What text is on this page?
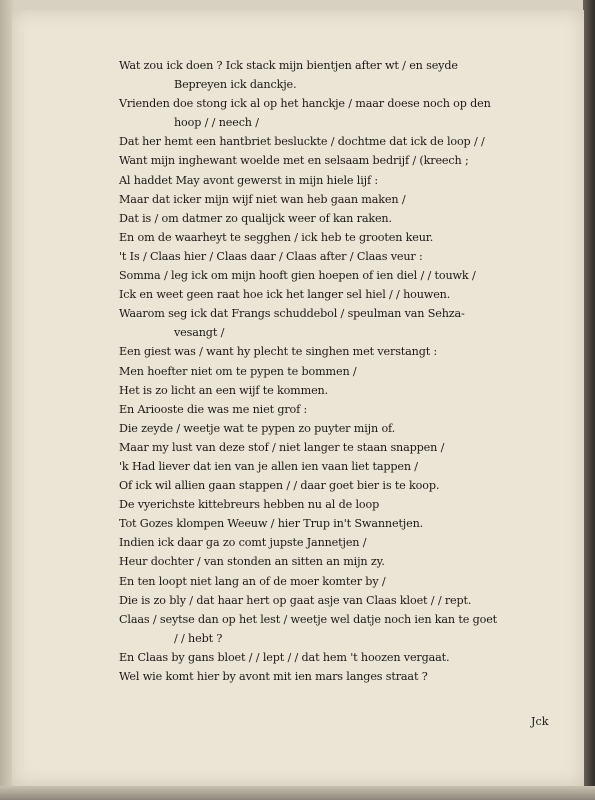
Wat zou ick doen ? Ick stack mijn bientjen after wt / en seyde
Bepreyen ick danckje.
Vrienden doe stong ick al op het hanckje / maar doese noch op den
hoop / / neech /
Dat her hemt een hantbriet besluckte / dochtme dat ick de loop / /
Want mijn inghewant woelde met en selsaam bedrijf / (kreech ;
Al haddet May avont gewerst in mijn hiele lijf :
Maar dat icker mijn wijf niet wan heb gaan maken /
Dat is / om datmer zo qualijck weer of kan raken.
En om de waarheyt te segghen / ick heb te grooten keur.
't Is / Claas hier / Claas daar / Claas after / Claas veur :
Somma / leg ick om mijn hooft gien hoepen of ien diel / / touwk /
Ick en weet geen raat hoe ick het langer sel hiel / / houwen.
Waarom seg ick dat Frangs schuddebol / speulman van Sehza-
vesangt /
Een giest was / want hy plecht te singhen met verstangt :
Men hoefter niet om te pypen te bommen /
Het is zo licht an een wijf te kommen.
En Ariooste die was me niet grof :
Die zeyde / weetje wat te pypen zo puyter mijn of.
Maar my lust van deze stof / niet langer te staan snappen /
'k Had liever dat ien van je allen ien vaan liet tappen /
Of ick wil allien gaan stappen / / daar goet bier is te koop.
De vyerichste kittebreurs hebben nu al de loop
Tot Gozes klompen Weeuw / hier Trup in't Swannetjen.
Indien ick daar ga zo comt jupste Jannetjen /
Heur dochter / van stonden an sitten an mijn zy.
En ten loopt niet lang an of de moer komter by /
Die is zo bly / dat haar hert op gaat asje van Claas kloet / / rept.
Claas / seytse dan op het lest / weetje wel datje noch ien kan te goet
/ / hebt ?
En Claas by gans bloet / / lept / / dat hem 't hoozen vergaat.
Wel wie komt hier by avont mit ien mars langes straat ?
Jck
